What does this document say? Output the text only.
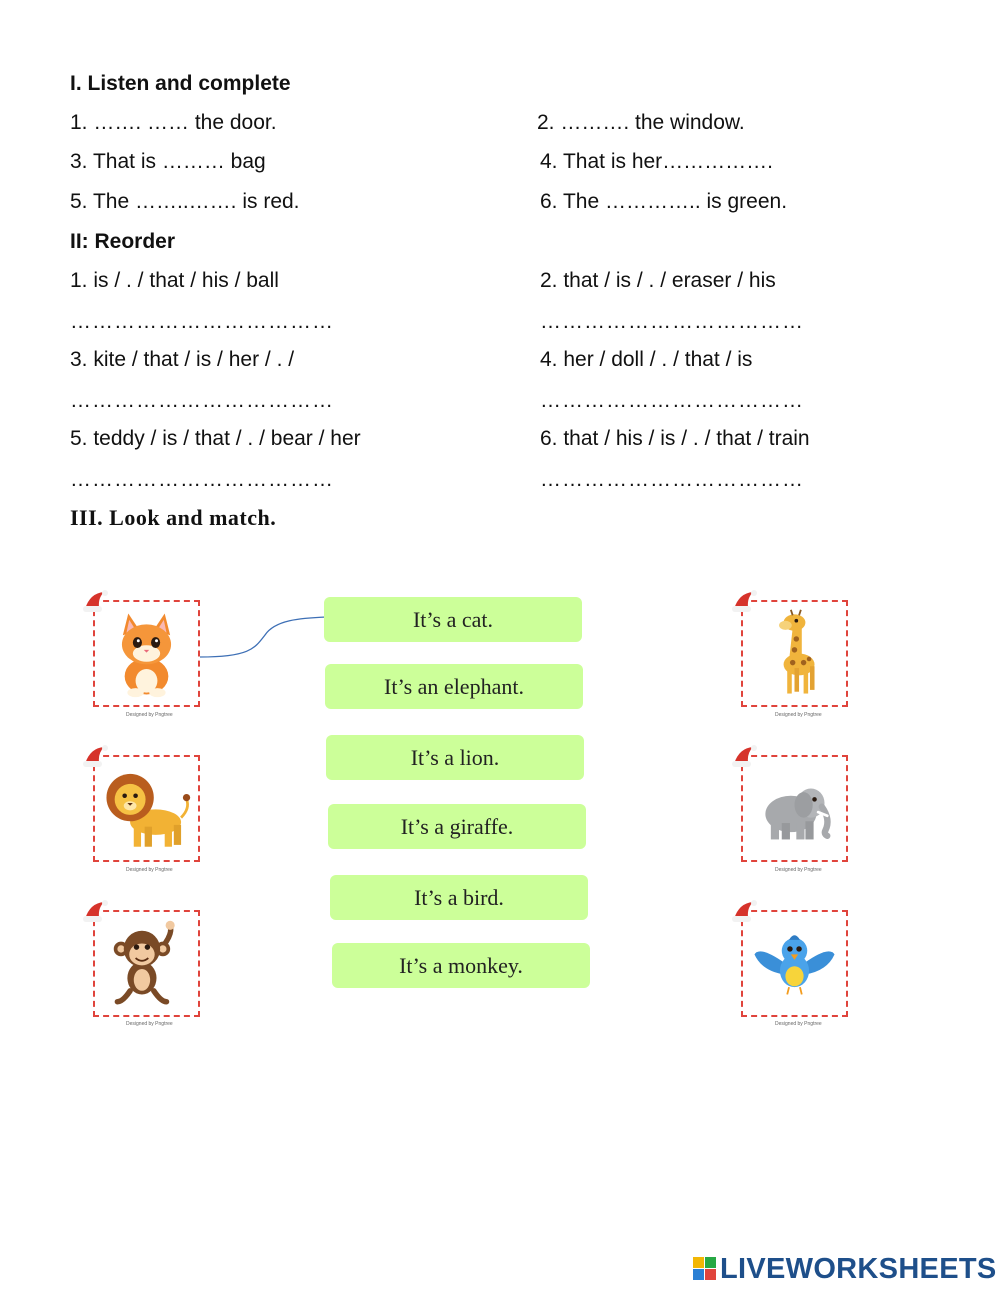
I. Listen and complete
1. ……. …… the door.	2. ………. the window.
3. That is ……… bag	4. That is her…………….
5. The ……..……. is red.	6. The ………….. is green.
II: Reorder
1. is / . / that / his / ball	2. that / is / . / eraser / his
………………………………	………………………………
3. kite / that / is / her / . /	4. her / doll / . / that / is
………………………………	………………………………
5. teddy / is / that / . / bear / her	6. that / his / is / . / that / train
………………………………	………………………………
III. Look and match.
Designed by Pngtree
Designed by Pngtree
Designed by Pngtree
Designed by Pngtree
Designed by Pngtree
Designed by Pngtree
It’s a cat.
It’s an elephant.
It’s a lion.
It’s a giraffe.
It’s a bird.
It’s a monkey.
LIVEWORKSHEETS
